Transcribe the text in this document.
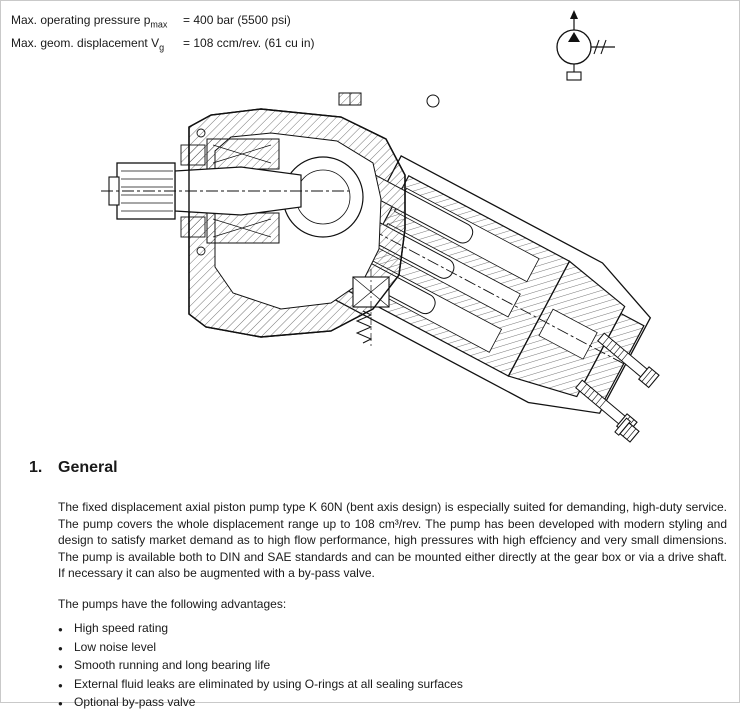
Max. operating pressure $p_{max}$	= 400 bar (5500 psi)
Max. geom. displacement $V_g$	= 108 ccm/rev. (61 cu in)
1. General

The fixed displacement axial piston pump type K 60N (bent axis design) is especially suited for demanding, high-duty service. The pump covers the whole displacement range up to 108 cm³/rev. The pump has been developed with modern styling and design to satisfy market demand as to high flow performance, high pressures with high effciency and very small dimensions. The pump is available both to DIN and SAE standards and can be mounted either directly at the gear box or via a drive shaft. If necessary it can also be augmented with a by-pass valve.

The pumps have the following advantages:

● High speed rating
● Low noise level
● Smooth running and long bearing life
● External fluid leaks are eliminated by using O-rings at all sealing surfaces
● Optional by-pass valve
